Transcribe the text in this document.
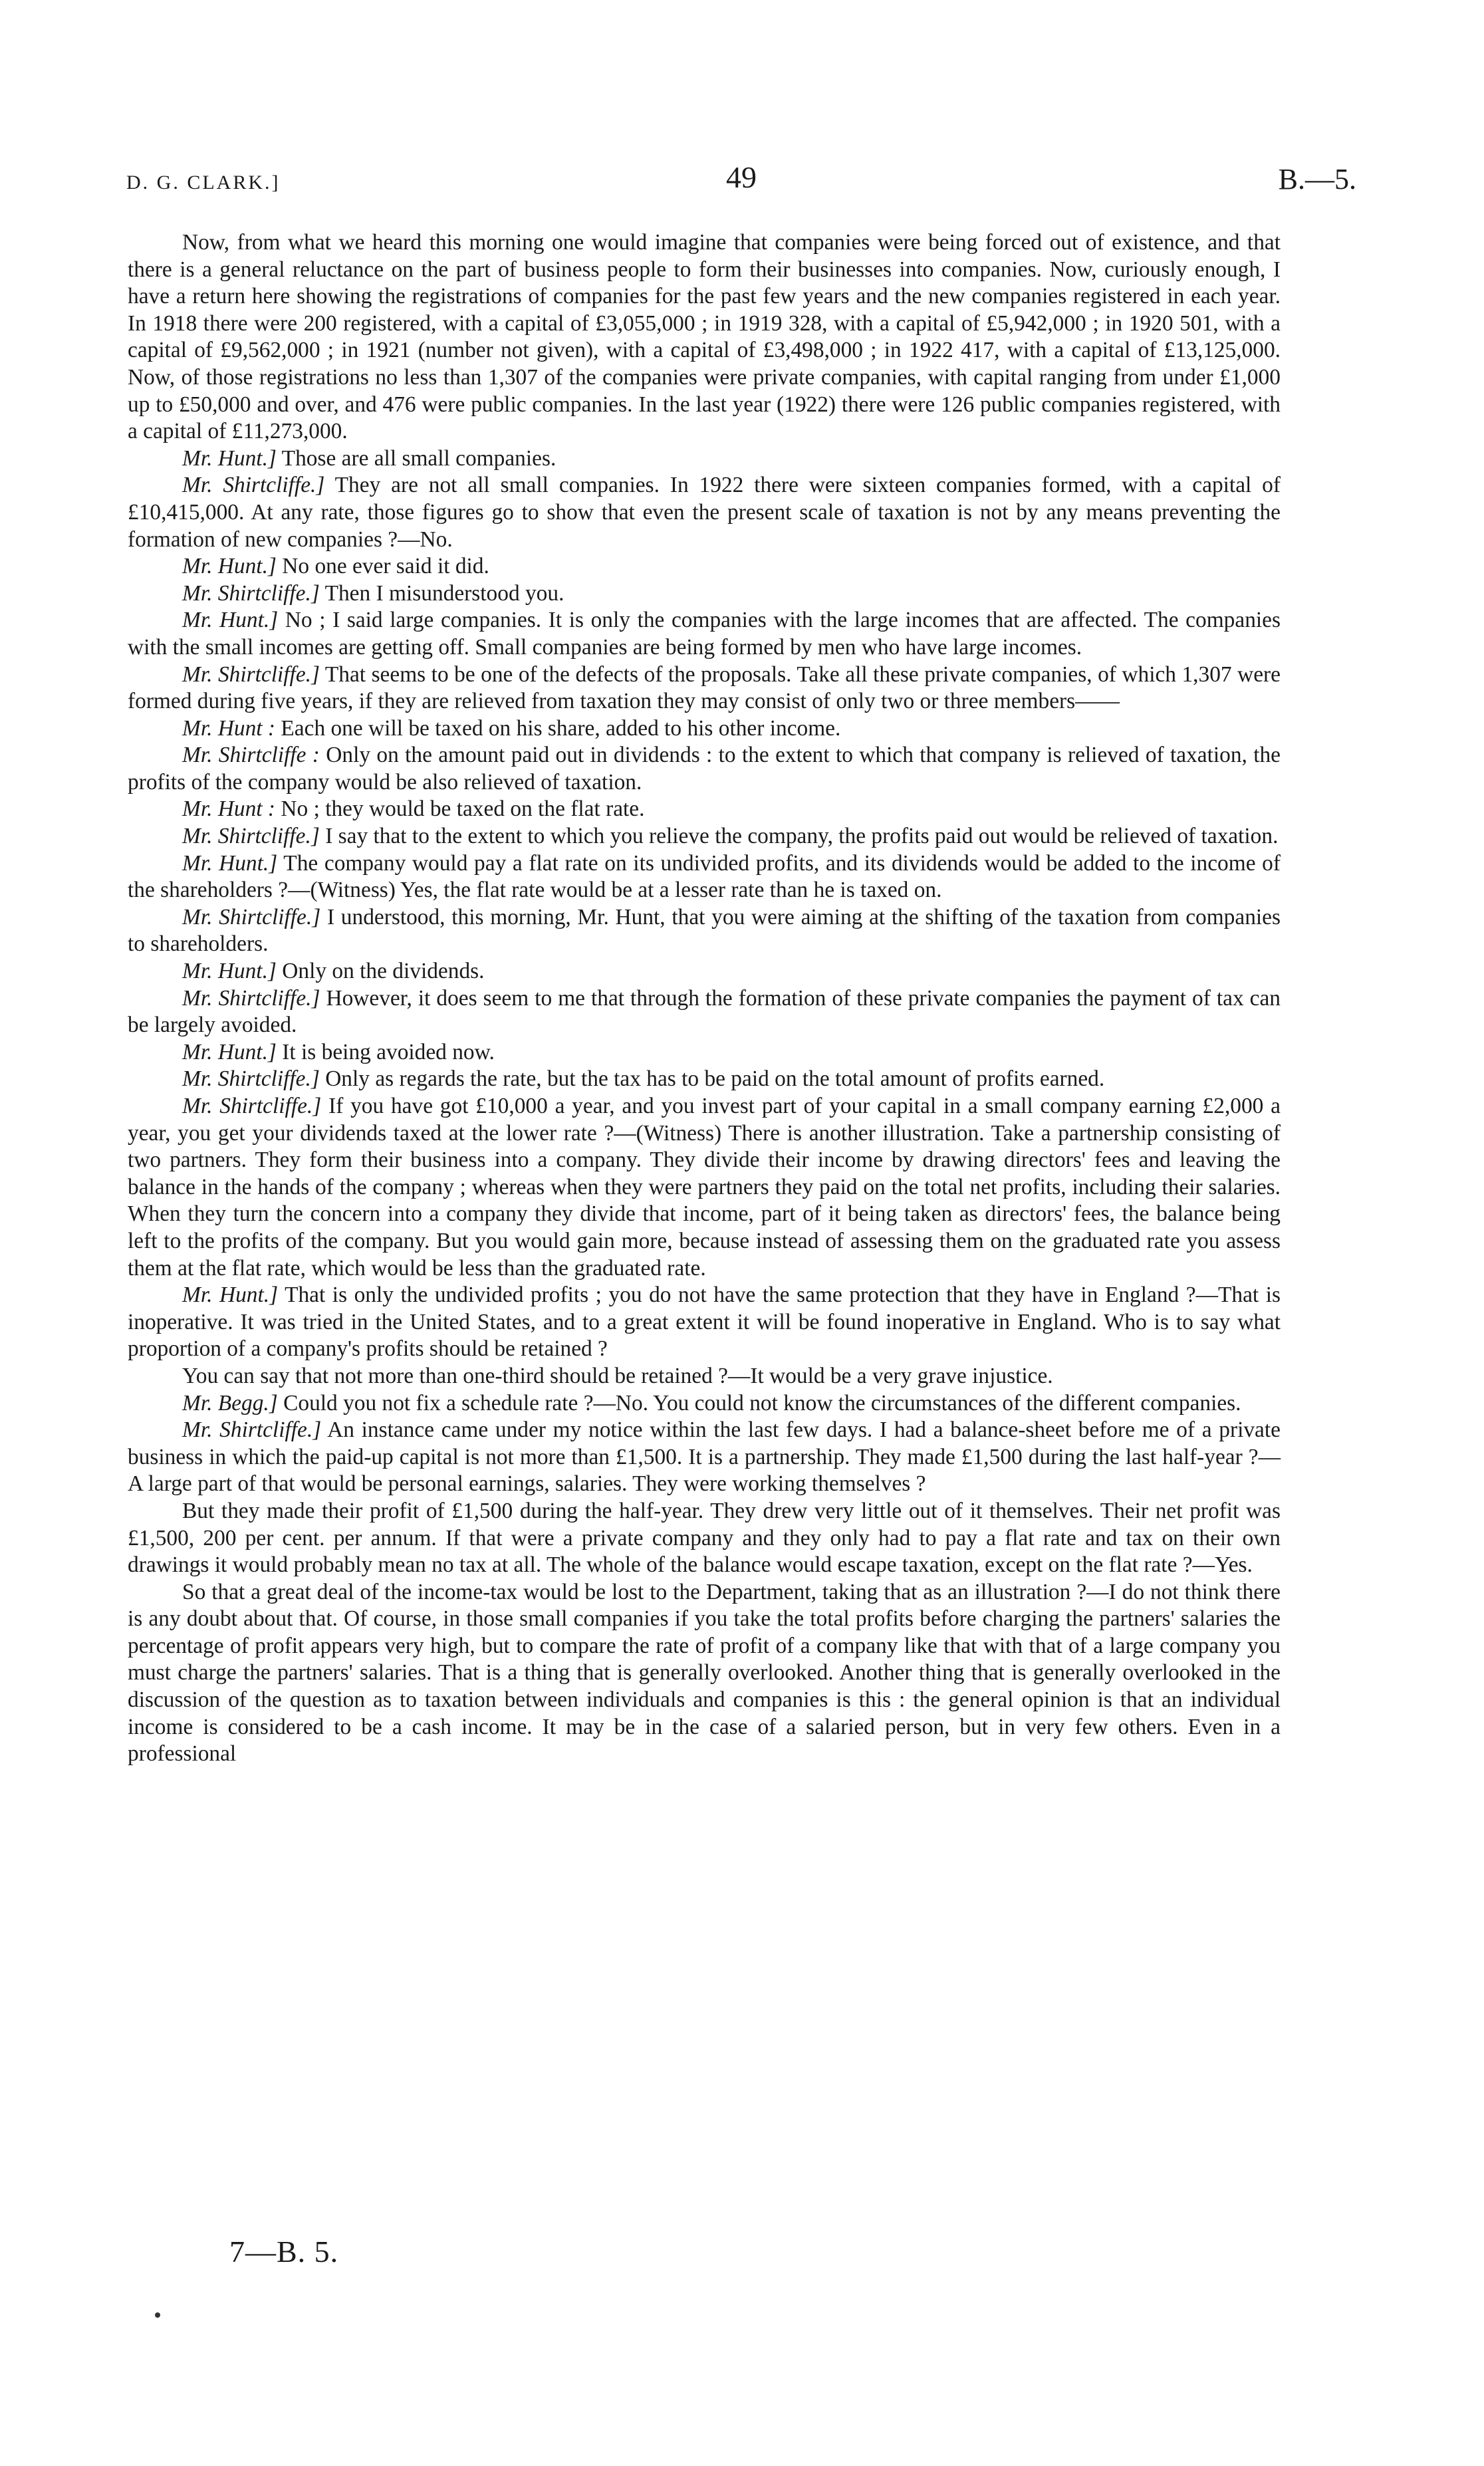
D. G. CLARK.]	49	B.—5.

Now, from what we heard this morning one would imagine that companies were being forced out of existence, and that there is a general reluctance on the part of business people to form their businesses into companies. Now, curiously enough, I have a return here showing the registrations of companies for the past few years and the new companies registered in each year. In 1918 there were 200 registered, with a capital of £3,055,000 ; in 1919 328, with a capital of £5,942,000 ; in 1920 501, with a capital of £9,562,000 ; in 1921 (number not given), with a capital of £3,498,000 ; in 1922 417, with a capital of £13,125,000. Now, of those registrations no less than 1,307 of the companies were private companies, with capital ranging from under £1,000 up to £50,000 and over, and 476 were public companies. In the last year (1922) there were 126 public companies registered, with a capital of £11,273,000.

Mr. Hunt.] Those are all small companies.

Mr. Shirtcliffe.] They are not all small companies. In 1922 there were sixteen companies formed, with a capital of £10,415,000. At any rate, those figures go to show that even the present scale of taxation is not by any means preventing the formation of new companies ?—No.

Mr. Hunt.] No one ever said it did.

Mr. Shirtcliffe.] Then I misunderstood you.

Mr. Hunt.] No ; I said large companies. It is only the companies with the large incomes that are affected. The companies with the small incomes are getting off. Small companies are being formed by men who have large incomes.

Mr. Shirtcliffe.] That seems to be one of the defects of the proposals. Take all these private companies, of which 1,307 were formed during five years, if they are relieved from taxation they may consist of only two or three members——

Mr. Hunt : Each one will be taxed on his share, added to his other income.

Mr. Shirtcliffe : Only on the amount paid out in dividends : to the extent to which that company is relieved of taxation, the profits of the company would be also relieved of taxation.

Mr. Hunt : No ; they would be taxed on the flat rate.

Mr. Shirtcliffe.] I say that to the extent to which you relieve the company, the profits paid out would be relieved of taxation.

Mr. Hunt.] The company would pay a flat rate on its undivided profits, and its dividends would be added to the income of the shareholders ?—(Witness) Yes, the flat rate would be at a lesser rate than he is taxed on.

Mr. Shirtcliffe.] I understood, this morning, Mr. Hunt, that you were aiming at the shifting of the taxation from companies to shareholders.

Mr. Hunt.] Only on the dividends.

Mr. Shirtcliffe.] However, it does seem to me that through the formation of these private companies the payment of tax can be largely avoided.

Mr. Hunt.] It is being avoided now.

Mr. Shirtcliffe.] Only as regards the rate, but the tax has to be paid on the total amount of profits earned.

Mr. Shirtcliffe.] If you have got £10,000 a year, and you invest part of your capital in a small company earning £2,000 a year, you get your dividends taxed at the lower rate ?—(Witness) There is another illustration. Take a partnership consisting of two partners. They form their business into a company. They divide their income by drawing directors' fees and leaving the balance in the hands of the company ; whereas when they were partners they paid on the total net profits, including their salaries. When they turn the concern into a company they divide that income, part of it being taken as directors' fees, the balance being left to the profits of the company. But you would gain more, because instead of assessing them on the graduated rate you assess them at the flat rate, which would be less than the graduated rate.

Mr. Hunt.] That is only the undivided profits ; you do not have the same protection that they have in England ?—That is inoperative. It was tried in the United States, and to a great extent it will be found inoperative in England. Who is to say what proportion of a company's profits should be retained ?

You can say that not more than one-third should be retained ?—It would be a very grave injustice.

Mr. Begg.] Could you not fix a schedule rate ?—No. You could not know the circumstances of the different companies.

Mr. Shirtcliffe.] An instance came under my notice within the last few days. I had a balance-sheet before me of a private business in which the paid-up capital is not more than £1,500. It is a partnership. They made £1,500 during the last half-year ?—A large part of that would be personal earnings, salaries. They were working themselves ?

But they made their profit of £1,500 during the half-year. They drew very little out of it themselves. Their net profit was £1,500, 200 per cent. per annum. If that were a private company and they only had to pay a flat rate and tax on their own drawings it would probably mean no tax at all. The whole of the balance would escape taxation, except on the flat rate ?—Yes.

So that a great deal of the income-tax would be lost to the Department, taking that as an illustration ?—I do not think there is any doubt about that. Of course, in those small companies if you take the total profits before charging the partners' salaries the percentage of profit appears very high, but to compare the rate of profit of a company like that with that of a large company you must charge the partners' salaries. That is a thing that is generally overlooked. Another thing that is generally overlooked in the discussion of the question as to taxation between individuals and companies is this : the general opinion is that an individual income is considered to be a cash income. It may be in the case of a salaried person, but in very few others. Even in a professional

7—B. 5.
